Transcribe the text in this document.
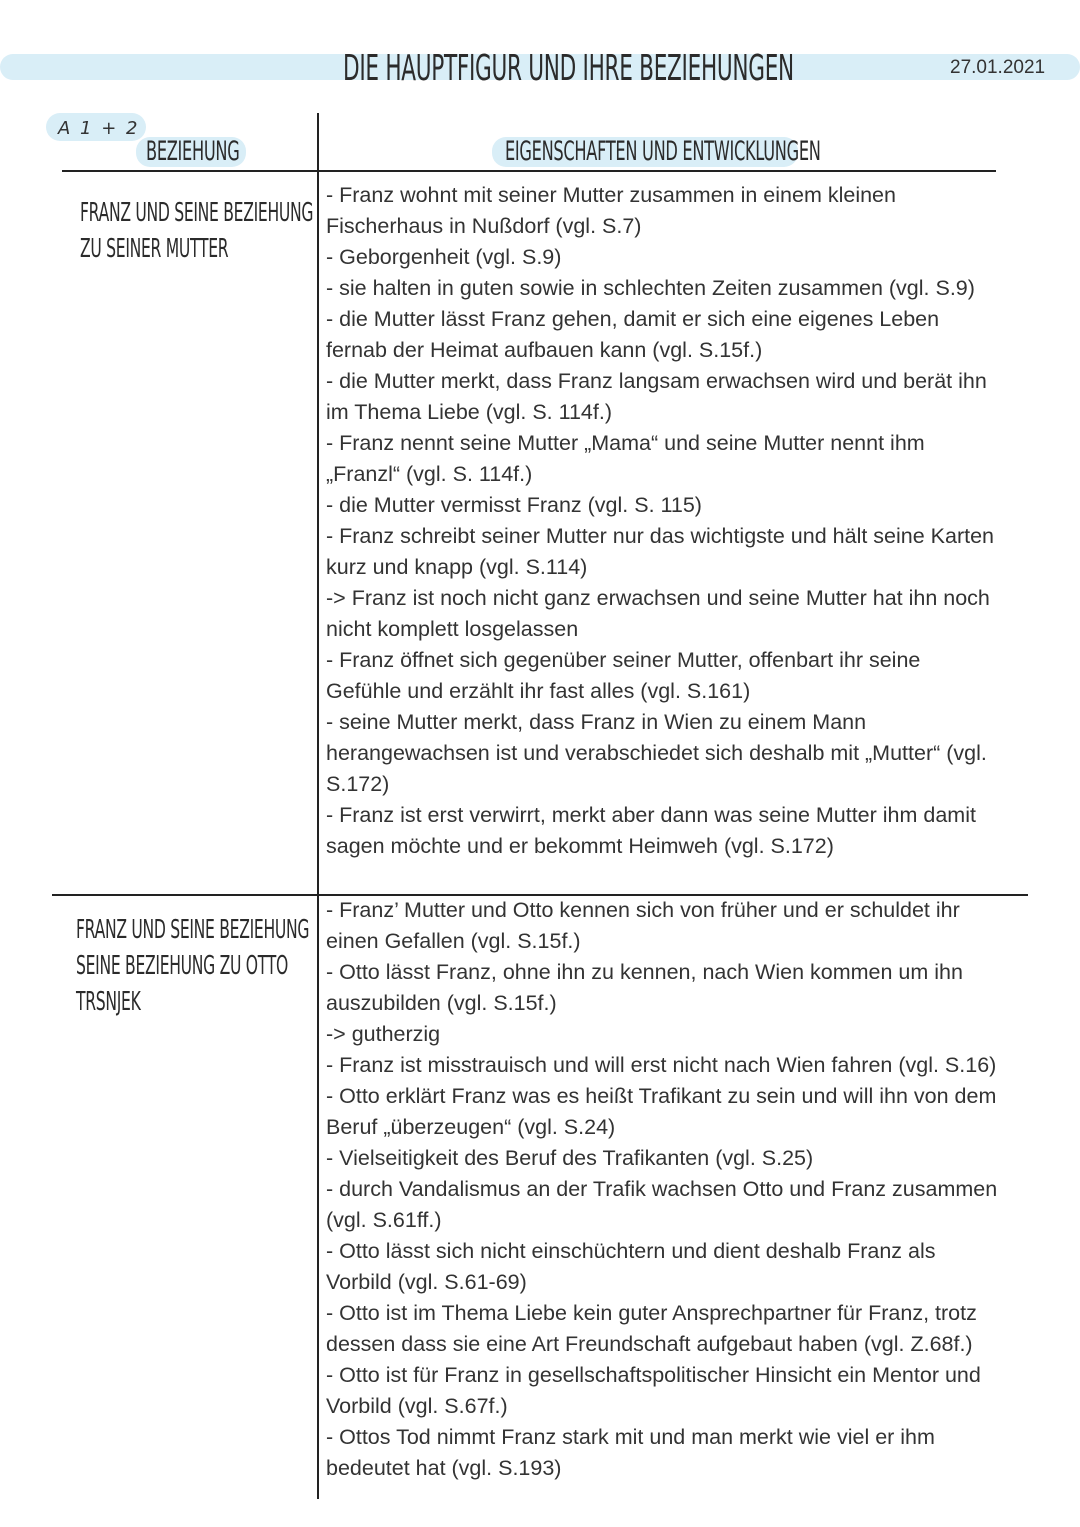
DIE HAUPTFIGUR UND IHRE BEZIEHUNGEN	27.01.2021
A 1 + 2
BEZIEHUNG	EIGENSCHAFTEN UND ENTWICKLUNGEN
FRANZ UND SEINE BEZIEHUNG
ZU SEINER MUTTER
- Franz wohnt mit seiner Mutter zusammen in einem kleinen
Fischerhaus in Nußdorf (vgl. S.7)
- Geborgenheit (vgl. S.9)
- sie halten in guten sowie in schlechten Zeiten zusammen (vgl. S.9)
- die Mutter lässt Franz gehen, damit er sich eine eigenes Leben
fernab der Heimat aufbauen kann (vgl. S.15f.)
- die Mutter merkt, dass Franz langsam erwachsen wird und berät ihn
im Thema Liebe (vgl. S. 114f.)
- Franz nennt seine Mutter „Mama“ und seine Mutter nennt ihm
„Franzl“ (vgl. S. 114f.)
- die Mutter vermisst Franz (vgl. S. 115)
- Franz schreibt seiner Mutter nur das wichtigste und hält seine Karten
kurz und knapp (vgl. S.114)
-> Franz ist noch nicht ganz erwachsen und seine Mutter hat ihn noch
nicht komplett losgelassen
- Franz öffnet sich gegenüber seiner Mutter, offenbart ihr seine
Gefühle und erzählt ihr fast alles (vgl. S.161)
- seine Mutter merkt, dass Franz in Wien zu einem Mann
herangewachsen ist und verabschiedet sich deshalb mit „Mutter“ (vgl.
S.172)
- Franz ist erst verwirrt, merkt aber dann was seine Mutter ihm damit
sagen möchte und er bekommt Heimweh (vgl. S.172)
FRANZ UND SEINE BEZIEHUNG
SEINE BEZIEHUNG ZU OTTO
TRSNJEK
- Franz’ Mutter und Otto kennen sich von früher und er schuldet ihr
einen Gefallen (vgl. S.15f.)
- Otto lässt Franz, ohne ihn zu kennen, nach Wien kommen um ihn
auszubilden (vgl. S.15f.)
-> gutherzig
- Franz ist misstrauisch und will erst nicht nach Wien fahren (vgl. S.16)
- Otto erklärt Franz was es heißt Trafikant zu sein und will ihn von dem
Beruf „überzeugen“ (vgl. S.24)
- Vielseitigkeit des Beruf des Trafikanten (vgl. S.25)
- durch Vandalismus an der Trafik wachsen Otto und Franz zusammen
(vgl. S.61ff.)
- Otto lässt sich nicht einschüchtern und dient deshalb Franz als
Vorbild (vgl. S.61-69)
- Otto ist im Thema Liebe kein guter Ansprechpartner für Franz, trotz
dessen dass sie eine Art Freundschaft aufgebaut haben (vgl. Z.68f.)
- Otto ist für Franz in gesellschaftspolitischer Hinsicht ein Mentor und
Vorbild (vgl. S.67f.)
- Ottos Tod nimmt Franz stark mit und man merkt wie viel er ihm
bedeutet hat (vgl. S.193)
